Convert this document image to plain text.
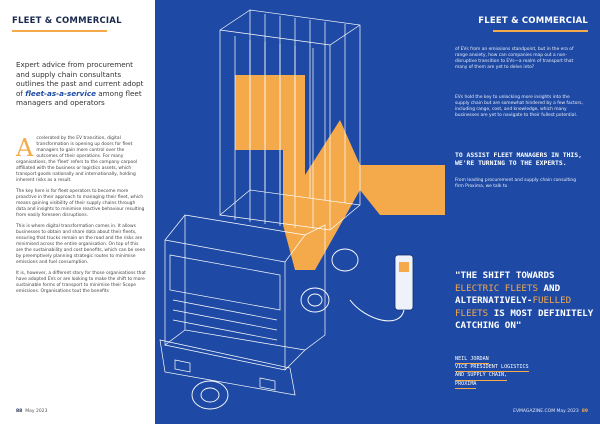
FLEET & COMMERCIAL
Expert advice from procurement and supply chain consultants outlines the past and current adopt of fleet-as-a-service among fleet managers and operators

Accelerated by the EV transition, digital transformation is opening up doors for fleet managers to gain more control over the outcomes of their operations. For many organisations, the 'fleet' refers to the company carpool affiliated with the business or logistics assets, which transport goods nationally and internationally, holding inherent risks as a result.

The key here is for fleet operators to become more proactive in their approach to managing their fleet, which means gaining visibility of their supply chains through data and insights to minimise reactive behaviour resulting from easily foreseen disruptions.

This is where digital transformation comes in. It allows businesses to obtain and share data about their fleets, ensuring that trucks remain on the road and the risks are minimised across the entire organisation. On top of this are the sustainability and cost benefits, which can be seen by preemptively planning strategic routes to minimise emissions and fuel consumption.

It is, however, a different story for those organisations that have adopted EVs or are looking to make the shift to more sustainable forms of transport to minimise their Scope emissions. Organisations tout the benefits

88 May 2023
FLEET & COMMERCIAL
EVMAGAZINE.COM May 2023 89
of EVs from an emissions standpoint, but in the era of range anxiety, how can companies map out a non-disruptive transition to EVs—a realm of transport that many of them are yet to delve into?
EVs hold the key to unlocking more insights into the supply chain but are somewhat hindered by a few factors, including range, cost, and knowledge, which many businesses are yet to navigate to their fullest potential.
TO ASSIST FLEET MANAGERS IN THIS, WE'RE TURNING TO THE EXPERTS.
From leading procurement and supply chain consulting firm Proxima, we talk to
"THE SHIFT TOWARDS ELECTRIC FLEETS AND ALTERNATIVELY-FUELLED FLEETS IS MOST DEFINITELY CATCHING ON"
NEIL JORDAN
VICE PRESIDENT LOGISTICS
AND SUPPLY CHAIN,
PROXIMA
